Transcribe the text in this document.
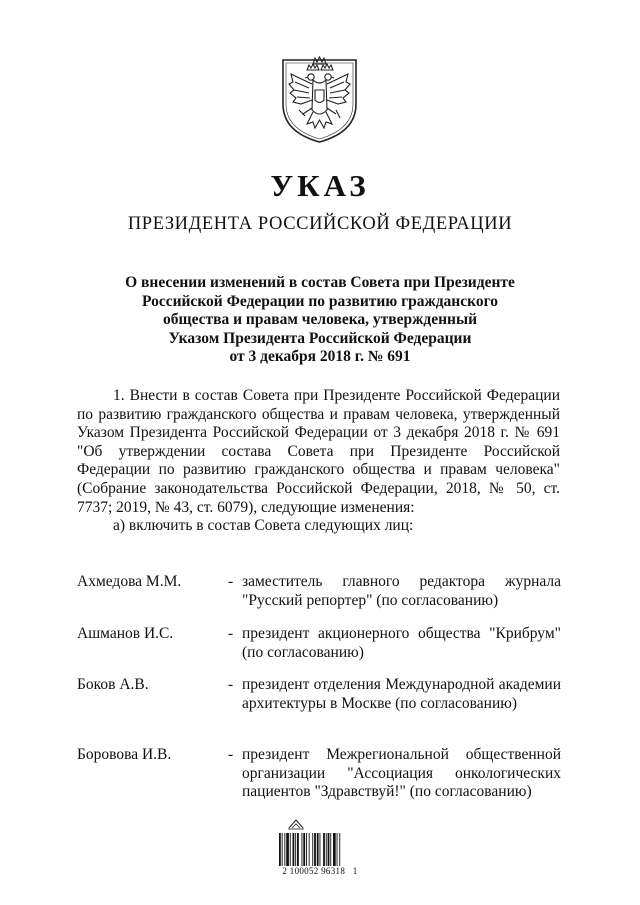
УКАЗ
ПРЕЗИДЕНТА РОССИЙСКОЙ ФЕДЕРАЦИИ
О внесении изменений в состав Совета при Президенте
Российской Федерации по развитию гражданского
общества и правам человека, утвержденный
Указом Президента Российской Федерации
от 3 декабря 2018 г. № 691

1. Внести в состав Совета при Президенте Российской Федерации по развитию гражданского общества и правам человека, утвержденный Указом Президента Российской Федерации от 3 декабря 2018 г. № 691 "Об утверждении состава Совета при Президенте Российской Федерации по развитию гражданского общества и правам человека" (Собрание законодательства Российской Федерации, 2018, № 50, ст. 7737; 2019, № 43, ст. 6079), следующие изменения:

а) включить в состав Совета следующих лиц:

Ахмедова М.М.	- заместитель главного редактора журнала "Русский репортер" (по согласованию)
Ашманов И.С.	- президент акционерного общества "Крибрум" (по согласованию)
Боков А.В.	- президент отделения Международной академии архитектуры в Москве (по согласованию)
Боровова И.В.	- президент Межрегиональной общественной организации "Ассоциация онкологических пациентов "Здравствуй!" (по согласованию)
2 100052 96318   1
